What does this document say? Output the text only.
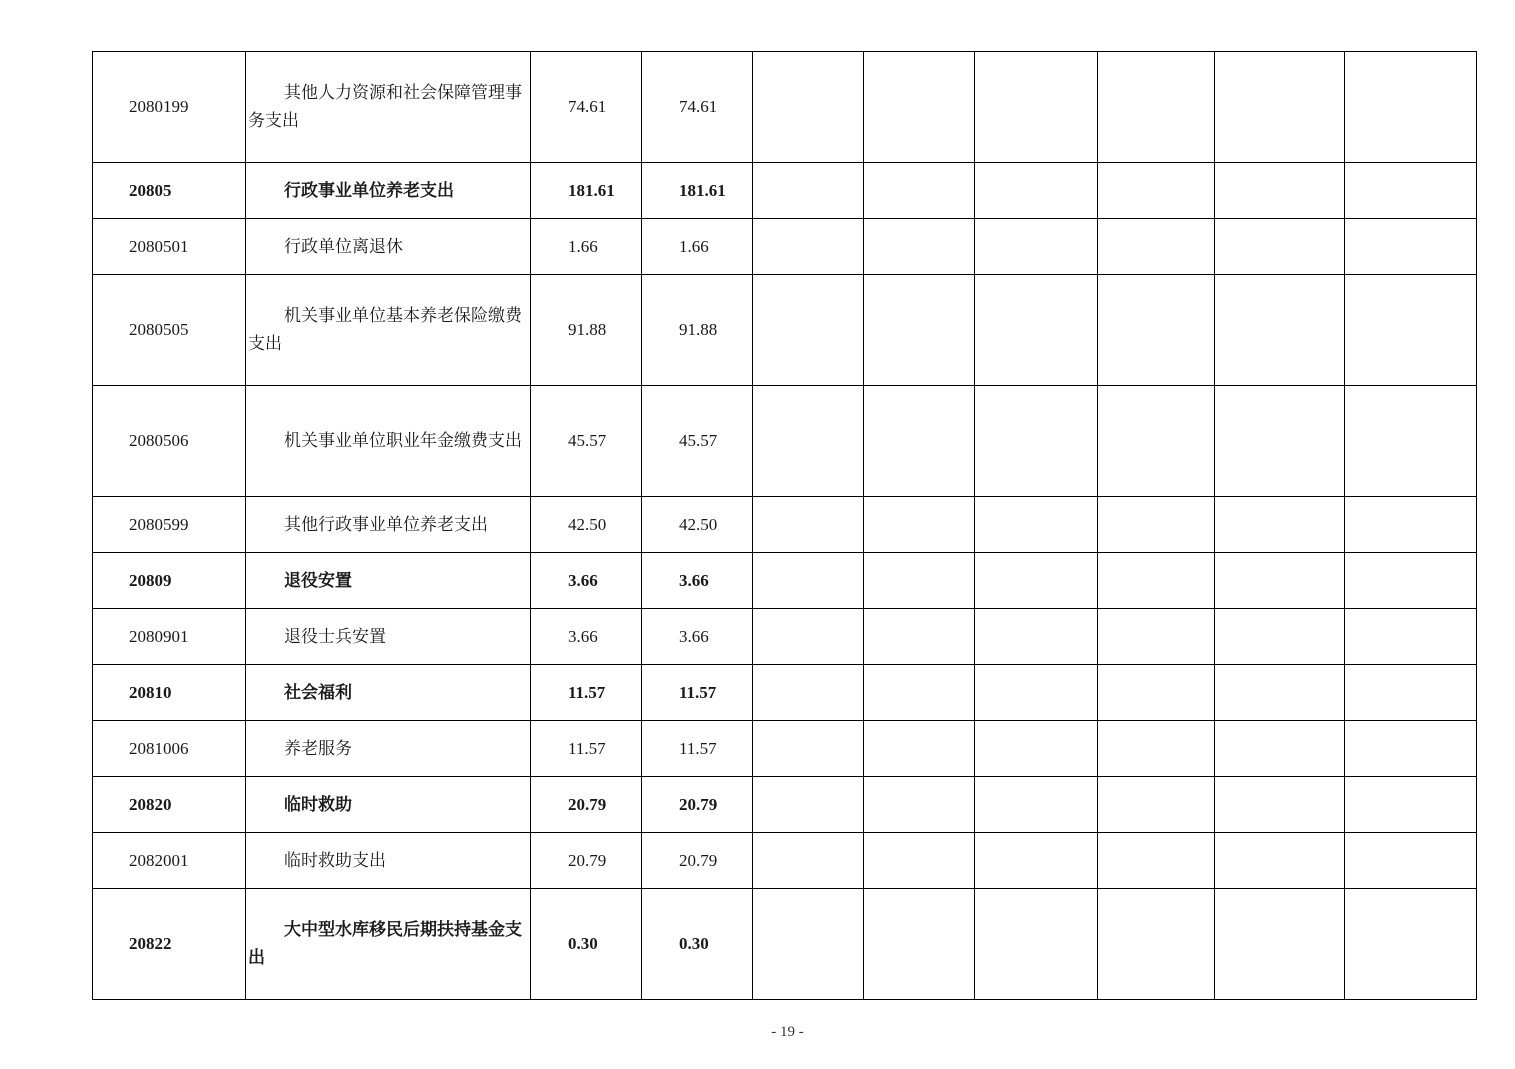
2080199	其他人力资源和社会保障管理事务支出	74.61	74.61						
20805	行政事业单位养老支出	181.61	181.61						
2080501	行政单位离退休	1.66	1.66						
2080505	机关事业单位基本养老保险缴费支出	91.88	91.88						
2080506	机关事业单位职业年金缴费支出	45.57	45.57						
2080599	其他行政事业单位养老支出	42.50	42.50						
20809	退役安置	3.66	3.66						
2080901	退役士兵安置	3.66	3.66						
20810	社会福利	11.57	11.57						
2081006	养老服务	11.57	11.57						
20820	临时救助	20.79	20.79						
2082001	临时救助支出	20.79	20.79						
20822	大中型水库移民后期扶持基金支出	0.30	0.30						
- 19 -
